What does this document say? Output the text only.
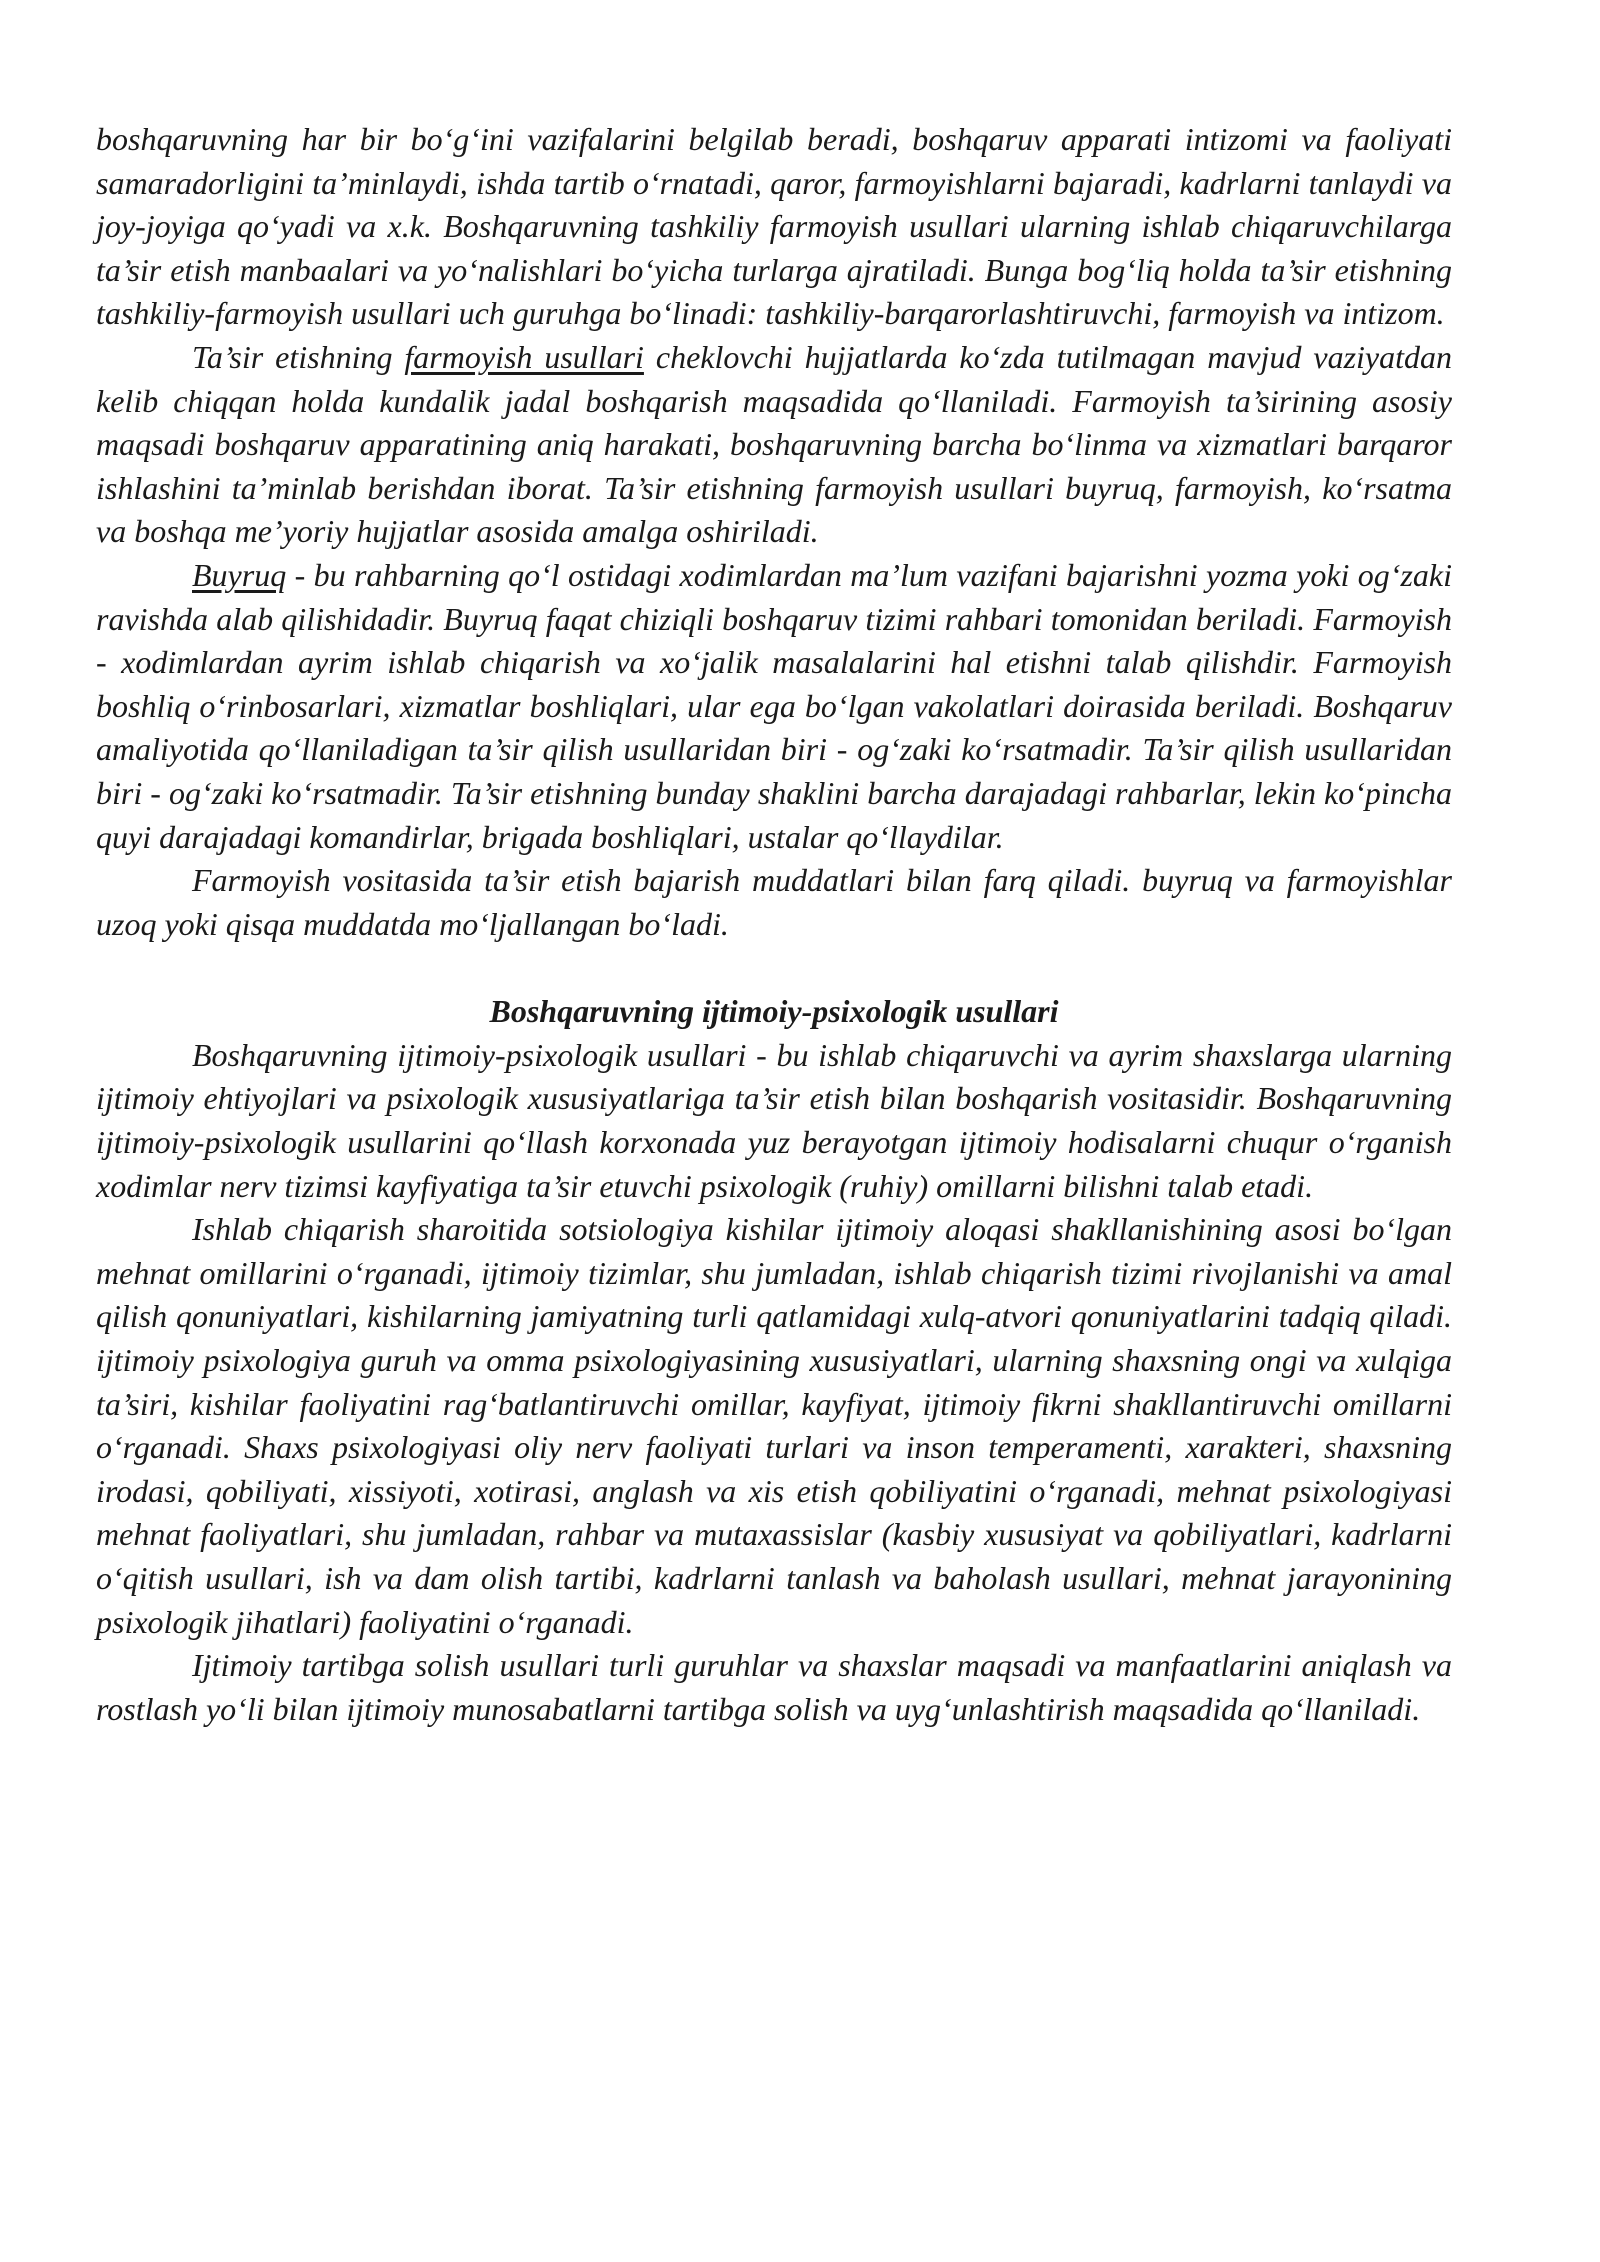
boshqaruvning har bir bo‘g‘ini vazifalarini belgilab beradi, boshqaruv apparati intizomi va faoliyati samaradorligini ta’minlaydi, ishda tartib o‘rnatadi, qaror, farmoyishlarni bajaradi, kadrlarni tanlaydi va joy-joyiga qo‘yadi va x.k. Boshqaruvning tashkiliy farmoyish usullari ularning ishlab chiqaruvchilarga ta’sir etish manbaalari va yo‘nalishlari bo‘yicha turlarga ajratiladi. Bunga bog‘liq holda ta’sir etishning tashkiliy-farmoyish usullari uch guruhga bo‘linadi: tashkiliy-barqarorlashtiruvchi, farmoyish va intizom.

Ta’sir etishning farmoyish usullari cheklovchi hujjatlarda ko‘zda tutilmagan mavjud vaziyatdan kelib chiqqan holda kundalik jadal boshqarish maqsadida qo‘llaniladi. Farmoyish ta’sirining asosiy maqsadi boshqaruv apparatining aniq harakati, boshqaruvning barcha bo‘linma va xizmatlari barqaror ishlashini ta’minlab berishdan iborat. Ta’sir etishning farmoyish usullari buyruq, farmoyish, ko‘rsatma va boshqa me’yoriy hujjatlar asosida amalga oshiriladi.

Buyruq - bu rahbarning qo‘l ostidagi xodimlardan ma’lum vazifani bajarishni yozma yoki og‘zaki ravishda alab qilishidadir. Buyruq faqat chiziqli boshqaruv tizimi rahbari tomonidan beriladi. Farmoyish - xodimlardan ayrim ishlab chiqarish va xo‘jalik masalalarini hal etishni talab qilishdir. Farmoyish boshliq o‘rinbosarlari, xizmatlar boshliqlari, ular ega bo‘lgan vakolatlari doirasida beriladi. Boshqaruv amaliyotida qo‘llaniladigan ta’sir qilish usullaridan biri - og‘zaki ko‘rsatmadir. Ta’sir qilish usullaridan biri - og‘zaki ko‘rsatmadir. Ta’sir etishning bunday shaklini barcha darajadagi rahbarlar, lekin ko‘pincha quyi darajadagi komandirlar, brigada boshliqlari, ustalar qo‘llaydilar.

Farmoyish vositasida ta’sir etish bajarish muddatlari bilan farq qiladi. buyruq va farmoyishlar uzoq yoki qisqa muddatda mo‘ljallangan bo‘ladi.

Boshqaruvning ijtimoiy-psixologik usullari

Boshqaruvning ijtimoiy-psixologik usullari - bu ishlab chiqaruvchi va ayrim shaxslarga ularning ijtimoiy ehtiyojlari va psixologik xususiyatlariga ta’sir etish bilan boshqarish vositasidir. Boshqaruvning ijtimoiy-psixologik usullarini qo‘llash korxonada yuz berayotgan ijtimoiy hodisalarni chuqur o‘rganish xodimlar nerv tizimsi kayfiyatiga ta’sir etuvchi psixologik (ruhiy) omillarni bilishni talab etadi.

Ishlab chiqarish sharoitida sotsiologiya kishilar ijtimoiy aloqasi shakllanishining asosi bo‘lgan mehnat omillarini o‘rganadi, ijtimoiy tizimlar, shu jumladan, ishlab chiqarish tizimi rivojlanishi va amal qilish qonuniyatlari, kishilarning jamiyatning turli qatlamidagi xulq-atvori qonuniyatlarini tadqiq qiladi. ijtimoiy psixologiya guruh va omma psixologiyasining xususiyatlari, ularning shaxsning ongi va xulqiga ta’siri, kishilar faoliyatini rag‘batlantiruvchi omillar, kayfiyat, ijtimoiy fikrni shakllantiruvchi omillarni o‘rganadi. Shaxs psixologiyasi oliy nerv faoliyati turlari va inson temperamenti, xarakteri, shaxsning irodasi, qobiliyati, xissiyoti, xotirasi, anglash va xis etish qobiliyatini o‘rganadi, mehnat psixologiyasi mehnat faoliyatlari, shu jumladan, rahbar va mutaxassislar (kasbiy xususiyat va qobiliyatlari, kadrlarni o‘qitish usullari, ish va dam olish tartibi, kadrlarni tanlash va baholash usullari, mehnat jarayonining psixologik jihatlari) faoliyatini o‘rganadi.

Ijtimoiy tartibga solish usullari turli guruhlar va shaxslar maqsadi va manfaatlarini aniqlash va rostlash yo‘li bilan ijtimoiy munosabatlarni tartibga solish va uyg‘unlashtirish maqsadida qo‘llaniladi.
